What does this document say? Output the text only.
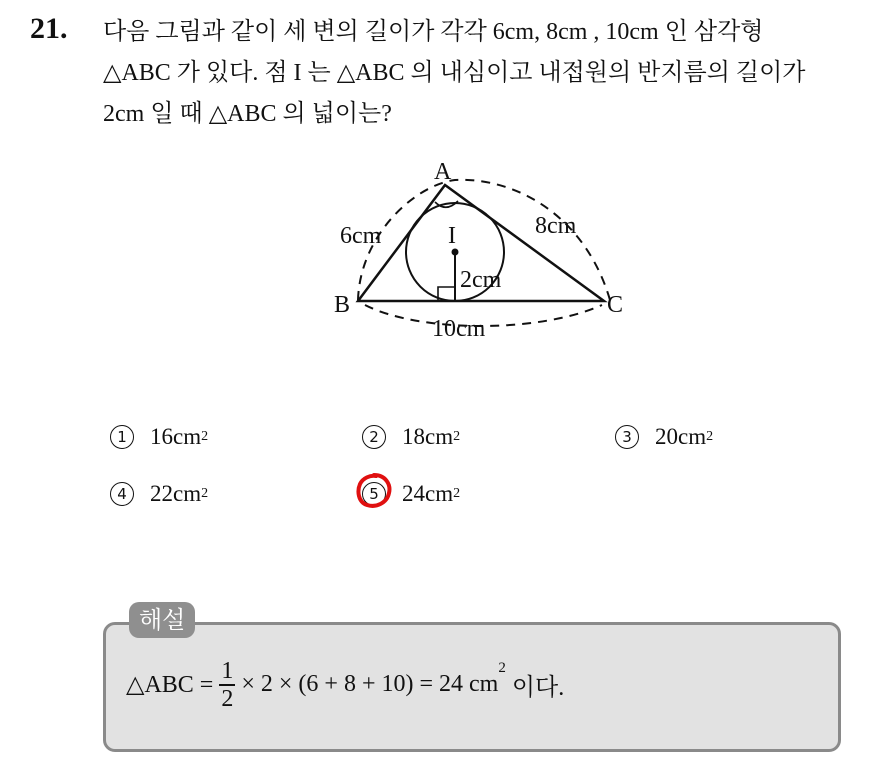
21. 다음 그림과 같이 세 변의 길이가 각각 6cm, 8cm , 10cm 인 삼각형
△ABC 가 있다. 점 I 는 △ABC 의 내심이고 내접원의 반지름의 길이가
2cm 일 때 △ABC 의 넓이는?
A
B	C
I
6cm	8cm
10cm
2cm
1	16cm 2	2	18cm 2	3	20cm 2
4	22cm 2	5	24cm 2
해설
△ABC = $\frac{1}{2} \times 2 \times (6 + 8 + 10) = 24$ cm
$^2$
이다.
